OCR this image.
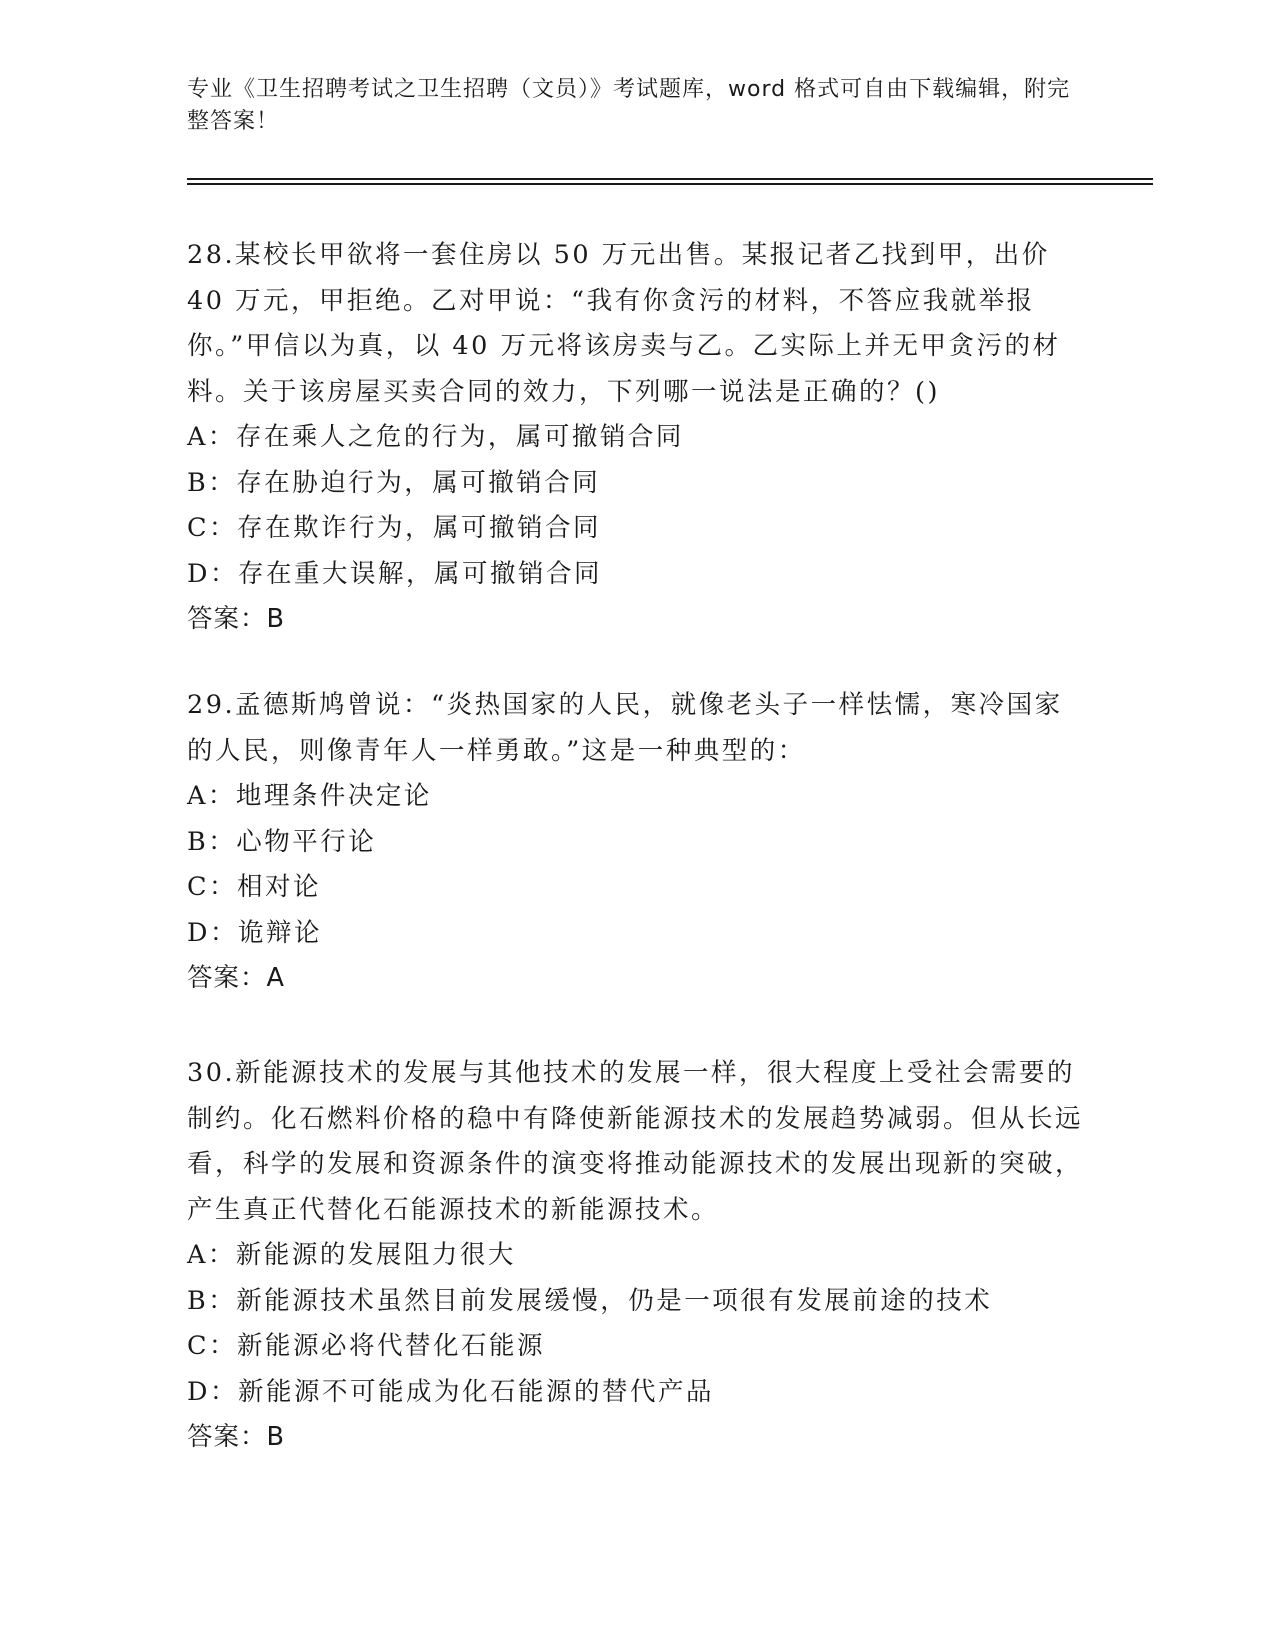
专业《卫生招聘考试之卫生招聘（文员）》考试题库，word 格式可自由下载编辑，附完整答案！

28.某校长甲欲将一套住房以 50 万元出售。某报记者乙找到甲，出价 40 万元，甲拒绝。乙对甲说：“我有你贪污的材料，不答应我就举报你。”甲信以为真，以 40 万元将该房卖与乙。乙实际上并无甲贪污的材料。关于该房屋买卖合同的效力，下列哪一说法是正确的？()

A：存在乘人之危的行为，属可撤销合同

B：存在胁迫行为，属可撤销合同

C：存在欺诈行为，属可撤销合同

D：存在重大误解，属可撤销合同

答案：B

29.孟德斯鸠曾说：“炎热国家的人民，就像老头子一样怯懦，寒冷国家的人民，则像青年人一样勇敢。”这是一种典型的：

A：地理条件决定论

B：心物平行论

C：相对论

D：诡辩论

答案：A

30.新能源技术的发展与其他技术的发展一样，很大程度上受社会需要的制约。化石燃料价格的稳中有降使新能源技术的发展趋势减弱。但从长远看，科学的发展和资源条件的演变将推动能源技术的发展出现新的突破，产生真正代替化石能源技术的新能源技术。

A：新能源的发展阻力很大

B：新能源技术虽然目前发展缓慢，仍是一项很有发展前途的技术

C：新能源必将代替化石能源

D：新能源不可能成为化石能源的替代产品

答案：B
